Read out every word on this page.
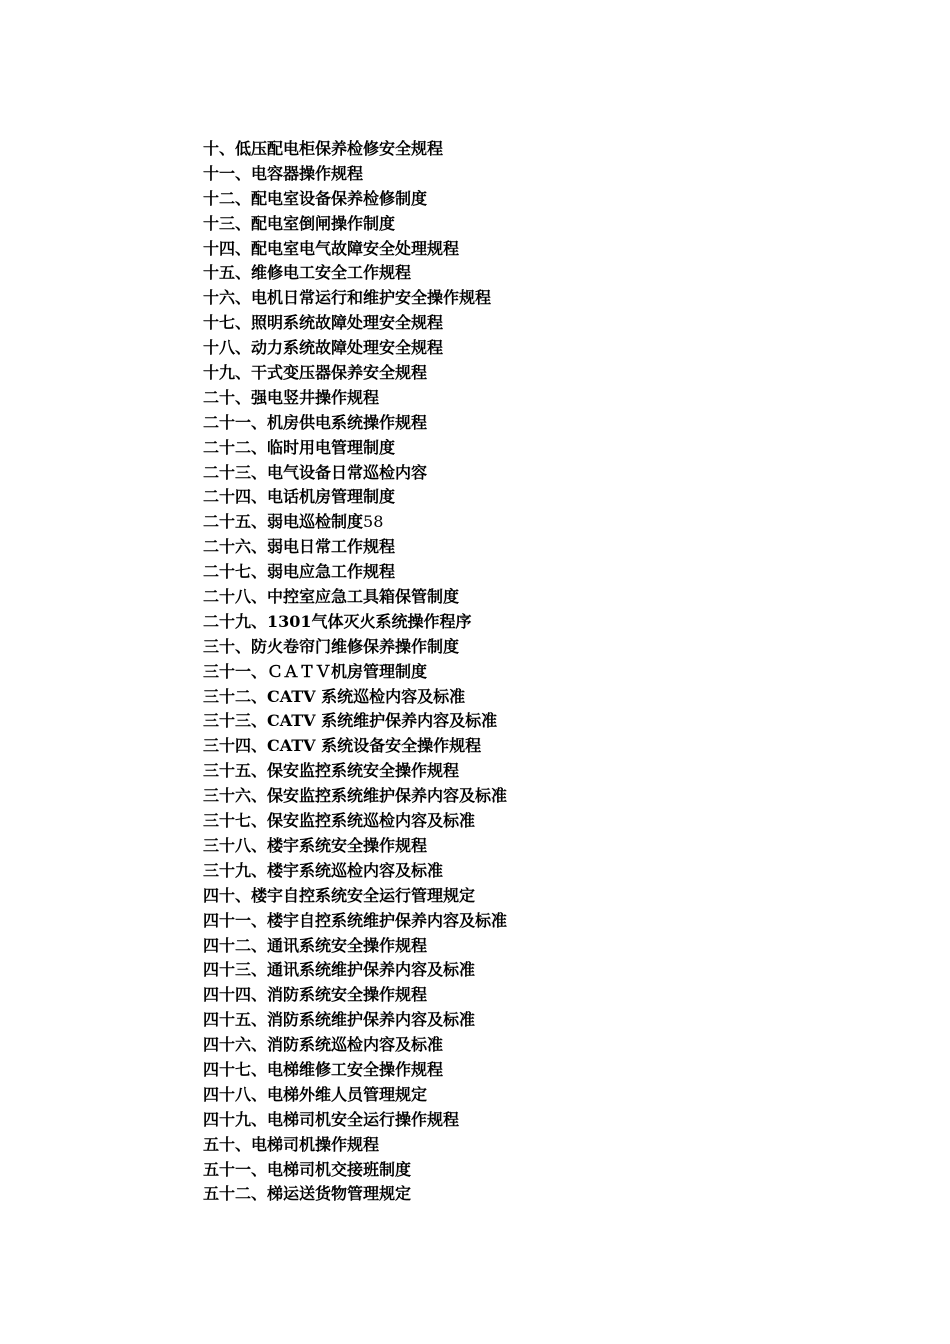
十、低压配电柜保养检修安全规程
十一、电容器操作规程
十二、配电室设备保养检修制度
十三、配电室倒闸操作制度
十四、配电室电气故障安全处理规程
十五、维修电工安全工作规程
十六、电机日常运行和维护安全操作规程
十七、照明系统故障处理安全规程
十八、动力系统故障处理安全规程
十九、干式变压器保养安全规程
二十、强电竖井操作规程
二十一、机房供电系统操作规程
二十二、临时用电管理制度
二十三、电气设备日常巡检内容
二十四、电话机房管理制度
二十五、弱电巡检制度58
二十六、弱电日常工作规程
二十七、弱电应急工作规程
二十八、中控室应急工具箱保管制度
二十九、1301气体灭火系统操作程序
三十、防火卷帘门维修保养操作制度
三十一、ＣＡＴＶ机房管理制度
三十二、CATV 系统巡检内容及标准
三十三、CATV 系统维护保养内容及标准
三十四、CATV 系统设备安全操作规程
三十五、保安监控系统安全操作规程
三十六、保安监控系统维护保养内容及标准
三十七、保安监控系统巡检内容及标准
三十八、楼宇系统安全操作规程
三十九、楼宇系统巡检内容及标准
四十、楼宇自控系统安全运行管理规定
四十一、楼宇自控系统维护保养内容及标准
四十二、通讯系统安全操作规程
四十三、通讯系统维护保养内容及标准
四十四、消防系统安全操作规程
四十五、消防系统维护保养内容及标准
四十六、消防系统巡检内容及标准
四十七、电梯维修工安全操作规程
四十八、电梯外维人员管理规定
四十九、电梯司机安全运行操作规程
五十、电梯司机操作规程
五十一、电梯司机交接班制度
五十二、梯运送货物管理规定
